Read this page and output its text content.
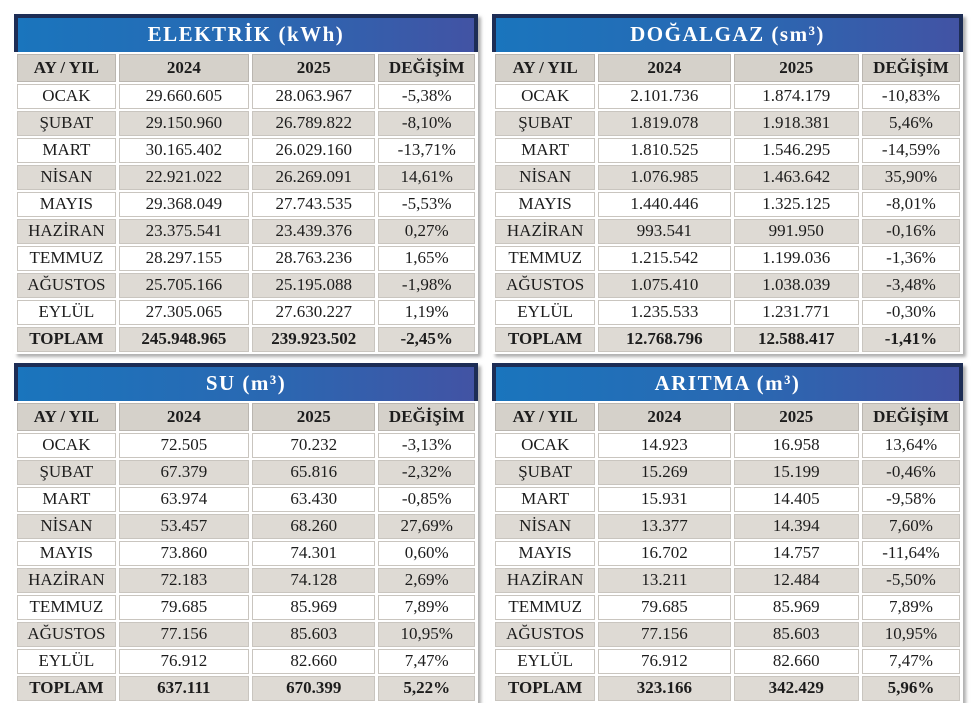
ELEKTRİK (kWh)
AY / YIL	2024	2025	DEĞİŞİM
OCAK	29.660.605	28.063.967	-5,38%
ŞUBAT	29.150.960	26.789.822	-8,10%
MART	30.165.402	26.029.160	-13,71%
NİSAN	22.921.022	26.269.091	14,61%
MAYIS	29.368.049	27.743.535	-5,53%
HAZİRAN	23.375.541	23.439.376	0,27%
TEMMUZ	28.297.155	28.763.236	1,65%
AĞUSTOS	25.705.166	25.195.088	-1,98%
EYLÜL	27.305.065	27.630.227	1,19%
TOPLAM	245.948.965	239.923.502	-2,45%
DOĞALGAZ (sm³)
AY / YIL	2024	2025	DEĞİŞİM
OCAK	2.101.736	1.874.179	-10,83%
ŞUBAT	1.819.078	1.918.381	5,46%
MART	1.810.525	1.546.295	-14,59%
NİSAN	1.076.985	1.463.642	35,90%
MAYIS	1.440.446	1.325.125	-8,01%
HAZİRAN	993.541	991.950	-0,16%
TEMMUZ	1.215.542	1.199.036	-1,36%
AĞUSTOS	1.075.410	1.038.039	-3,48%
EYLÜL	1.235.533	1.231.771	-0,30%
TOPLAM	12.768.796	12.588.417	-1,41%
SU (m³)
AY / YIL	2024	2025	DEĞİŞİM
OCAK	72.505	70.232	-3,13%
ŞUBAT	67.379	65.816	-2,32%
MART	63.974	63.430	-0,85%
NİSAN	53.457	68.260	27,69%
MAYIS	73.860	74.301	0,60%
HAZİRAN	72.183	74.128	2,69%
TEMMUZ	79.685	85.969	7,89%
AĞUSTOS	77.156	85.603	10,95%
EYLÜL	76.912	82.660	7,47%
TOPLAM	637.111	670.399	5,22%
ARITMA (m³)
AY / YIL	2024	2025	DEĞİŞİM
OCAK	14.923	16.958	13,64%
ŞUBAT	15.269	15.199	-0,46%
MART	15.931	14.405	-9,58%
NİSAN	13.377	14.394	7,60%
MAYIS	16.702	14.757	-11,64%
HAZİRAN	13.211	12.484	-5,50%
TEMMUZ	79.685	85.969	7,89%
AĞUSTOS	77.156	85.603	10,95%
EYLÜL	76.912	82.660	7,47%
TOPLAM	323.166	342.429	5,96%
